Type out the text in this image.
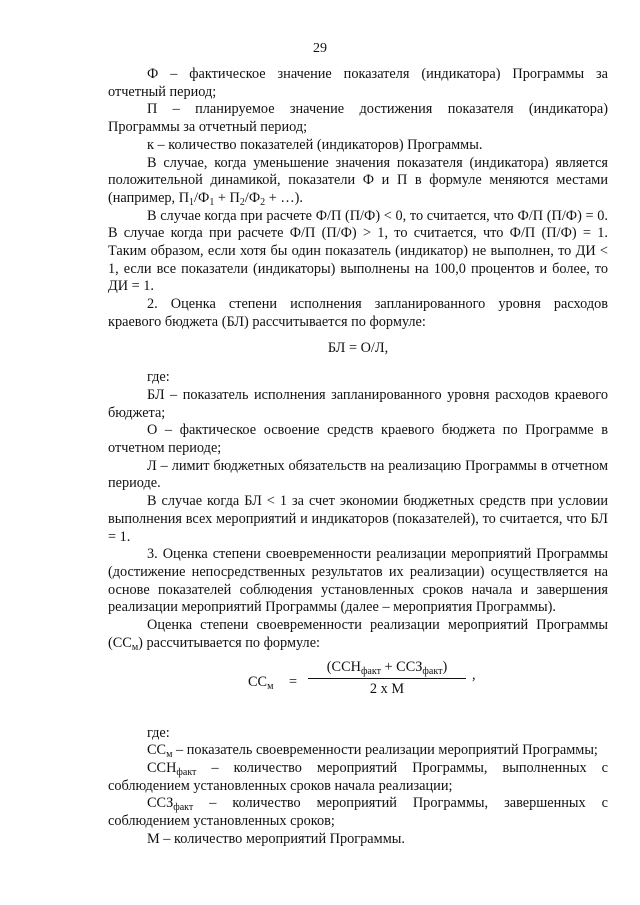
29

Ф – фактическое значение показателя (индикатора) Программы за отчетный период;

П – планируемое значение достижения показателя (индикатора) Программы за отчетный период;

к – количество показателей (индикаторов) Программы.

В случае, когда уменьшение значения показателя (индикатора) является положительной динамикой, показатели Ф и П в формуле меняются местами (например, $П_1/Ф_1 + П_2/Ф_2$ + …).

В случае когда при расчете Ф/П (П/Ф) < 0, то считается, что Ф/П (П/Ф) = 0. В случае когда при расчете Ф/П (П/Ф) > 1, то считается, что Ф/П (П/Ф) = 1. Таким образом, если хотя бы один показатель (индикатор) не выполнен, то ДИ < 1, если все показатели (индикаторы) выполнены на 100,0 процентов и более, то ДИ = 1.

2. Оценка степени исполнения запланированного уровня расходов краевого бюджета (БЛ) рассчитывается по формуле:

БЛ = О/Л,

где:

БЛ – показатель исполнения запланированного уровня расходов краевого бюджета;

О – фактическое освоение средств краевого бюджета по Программе в отчетном периоде;

Л – лимит бюджетных обязательств на реализацию Программы в отчетном периоде.

В случае когда БЛ < 1 за счет экономии бюджетных средств при условии выполнения всех мероприятий и индикаторов (показателей), то считается, что БЛ = 1.

3. Оценка степени своевременности реализации мероприятий Программы (достижение непосредственных результатов их реализации) осуществляется на основе показателей соблюдения установленных сроков начала и завершения реализации мероприятий Программы (далее – мероприятия Программы).

Оценка степени своевременности реализации мероприятий Программы $(СС_м)$ рассчитывается по формуле:

$СС_м$ =
$(ССН_{факт} + ССЗ_{факт})$
2 х М
,

где:

$СС_м$ – показатель своевременности реализации мероприятий Программы;

$ССН_{факт}$ – количество мероприятий Программы, выполненных с соблюдением установленных сроков начала реализации;

$ССЗ_{факт}$ – количество мероприятий Программы, завершенных с соблюдением установленных сроков;

М – количество мероприятий Программы.
